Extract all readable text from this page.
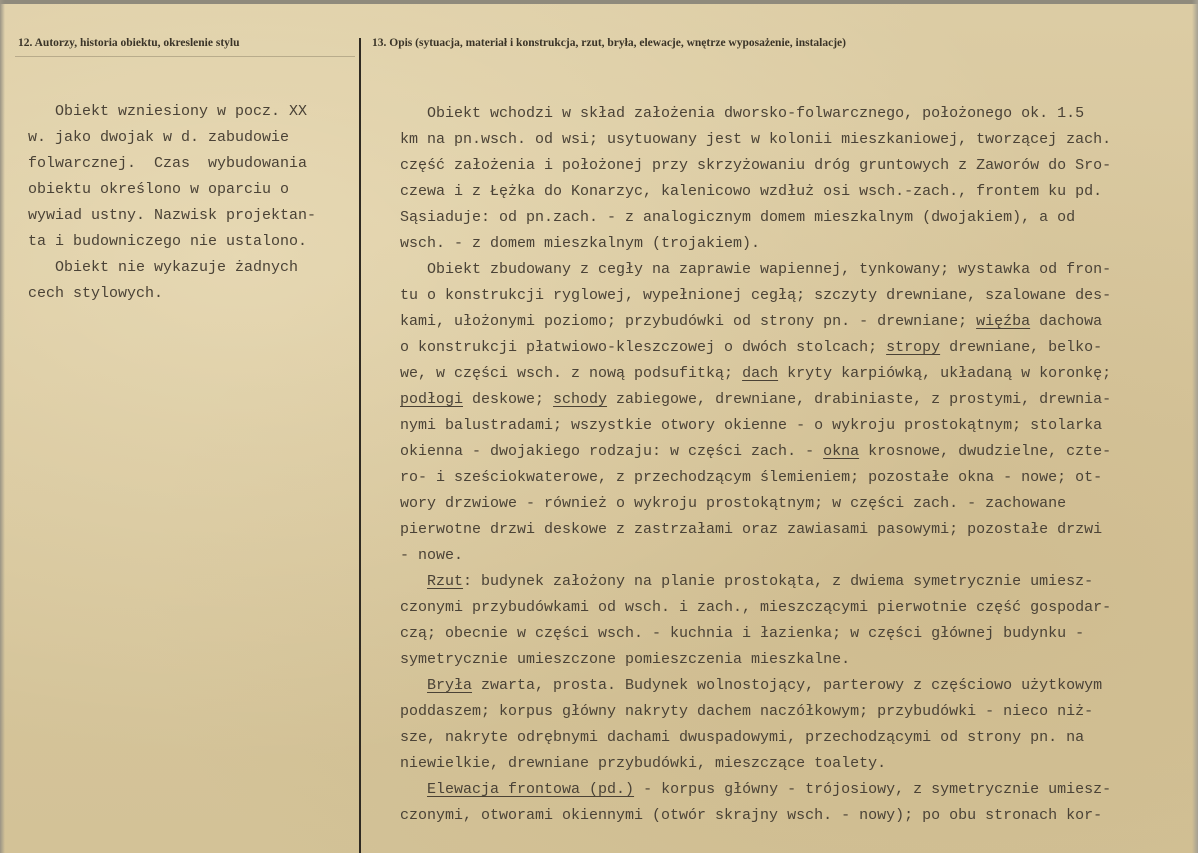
12. Autorzy, historia obiektu, okreslenie stylu	13. Opis (sytuacja, materiał i konstrukcja, rzut, bryła, elewacje, wnętrze wyposażenie, instalacje)
Obiekt wzniesiony w pocz. XX
w. jako dwojak w d. zabudowie
folwarcznej.  Czas  wybudowania
obiektu określono w oparciu o
wywiad ustny. Nazwisk projektan-
ta i budowniczego nie ustalono.
Obiekt nie wykazuje żadnych
cech stylowych.
Obiekt wchodzi w skład założenia dworsko-folwarcznego, położonego ok. 1.5
km na pn.wsch. od wsi; usytuowany jest w kolonii mieszkaniowej, tworzącej zach.
część założenia i położonej przy skrzyżowaniu dróg gruntowych z Zaworów do Sro-
czewa i z Łężka do Konarzyc, kalenicowo wzdłuż osi wsch.-zach., frontem ku pd.
Sąsiaduje: od pn.zach. - z analogicznym domem mieszkalnym (dwojakiem), a od
wsch. - z domem mieszkalnym (trojakiem).
Obiekt zbudowany z cegły na zaprawie wapiennej, tynkowany; wystawka od fron-
tu o konstrukcji ryglowej, wypełnionej cegłą; szczyty drewniane, szalowane des-
kami, ułożonymi poziomo; przybudówki od strony pn. - drewniane; więźba dachowa
o konstrukcji płatwiowo-kleszczowej o dwóch stolcach; stropy drewniane, belko-
we, w części wsch. z nową podsufitką; dach kryty karpiówką, układaną w koronkę;
podłogi deskowe; schody zabiegowe, drewniane, drabiniaste, z prostymi, drewnia-
nymi balustradami; wszystkie otwory okienne - o wykroju prostokątnym; stolarka
okienna - dwojakiego rodzaju: w części zach. - okna krosnowe, dwudzielne, czte-
ro- i sześciokwaterowe, z przechodzącym ślemieniem; pozostałe okna - nowe; ot-
wory drzwiowe - również o wykroju prostokątnym; w części zach. - zachowane
pierwotne drzwi deskowe z zastrzałami oraz zawiasami pasowymi; pozostałe drzwi
- nowe.
Rzut: budynek założony na planie prostokąta, z dwiema symetrycznie umiesz-
czonymi przybudówkami od wsch. i zach., mieszczącymi pierwotnie część gospodar-
czą; obecnie w części wsch. - kuchnia i łazienka; w części głównej budynku -
symetrycznie umieszczone pomieszczenia mieszkalne.
Bryła zwarta, prosta. Budynek wolnostojący, parterowy z częściowo użytkowym
poddaszem; korpus główny nakryty dachem naczółkowym; przybudówki - nieco niż-
sze, nakryte odrębnymi dachami dwuspadowymi, przechodzącymi od strony pn. na
niewielkie, drewniane przybudówki, mieszczące toalety.
Elewacja frontowa (pd.) - korpus główny - trójosiowy, z symetrycznie umiesz-
czonymi, otworami okiennymi (otwór skrajny wsch. - nowy); po obu stronach kor-
